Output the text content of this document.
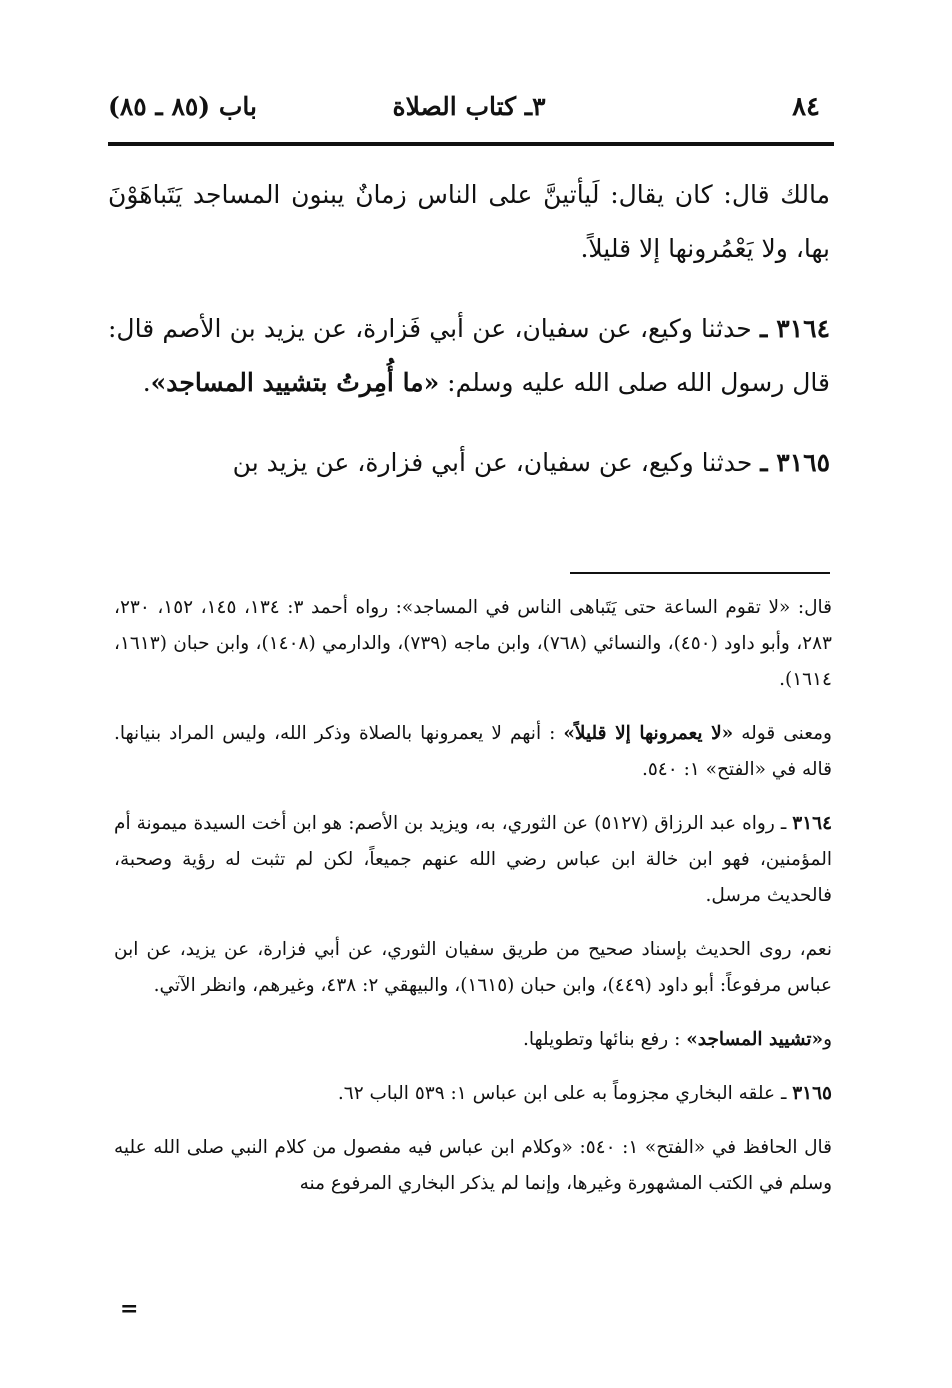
٨٤
٣ـ كتاب الصلاة
باب (٨٥ ـ ٨٥)

مالك قال: كان يقال: لَيأتينَّ على الناس زمانٌ يبنون المساجد يَتَباهَوْنَ بها، ولا يَعْمُرونها إلا قليلاً.

٣١٦٤ ـ حدثنا وكيع، عن سفيان، عن أبي فَزارة، عن يزيد بن الأصم قال: قال رسول الله صلى الله عليه وسلم: «ما أُمِرتُ بتشييد المساجد».

٣١٦٥ ـ حدثنا وكيع، عن سفيان، عن أبي فزارة، عن يزيد بن

قال: «لا تقوم الساعة حتى يَتَباهى الناس في المساجد»: رواه أحمد ٣: ١٣٤، ١٤٥، ١٥٢، ٢٣٠، ٢٨٣، وأبو داود (٤٥٠)، والنسائي (٧٦٨)، وابن ماجه (٧٣٩)، والدارمي (١٤٠٨)، وابن حبان (١٦١٣، ١٦١٤).

ومعنى قوله «لا يعمرونها إلا قليلاً» : أنهم لا يعمرونها بالصلاة وذكر الله، وليس المراد بنيانها. قاله في «الفتح» ١: ٥٤٠.

٣١٦٤ ـ رواه عبد الرزاق (٥١٢٧) عن الثوري، به، ويزيد بن الأصم: هو ابن أخت السيدة ميمونة أم المؤمنين، فهو ابن خالة ابن عباس رضي الله عنهم جميعاً، لكن لم تثبت له رؤية وصحبة، فالحديث مرسل.

نعم، روى الحديث بإسناد صحيح من طريق سفيان الثوري، عن أبي فزارة، عن يزيد، عن ابن عباس مرفوعاً: أبو داود (٤٤٩)، وابن حبان (١٦١٥)، والبيهقي ٢: ٤٣٨، وغيرهم، وانظر الآتي.

و«تشييد المساجد» : رفع بنائها وتطويلها.

٣١٦٥ ـ علقه البخاري مجزوماً به على ابن عباس ١: ٥٣٩ الباب ٦٢.

قال الحافظ في «الفتح» ١: ٥٤٠: «وكلام ابن عباس فيه مفصول من كلام النبي صلى الله عليه وسلم في الكتب المشهورة وغيرها، وإنما لم يذكر البخاري المرفوع منه

=
